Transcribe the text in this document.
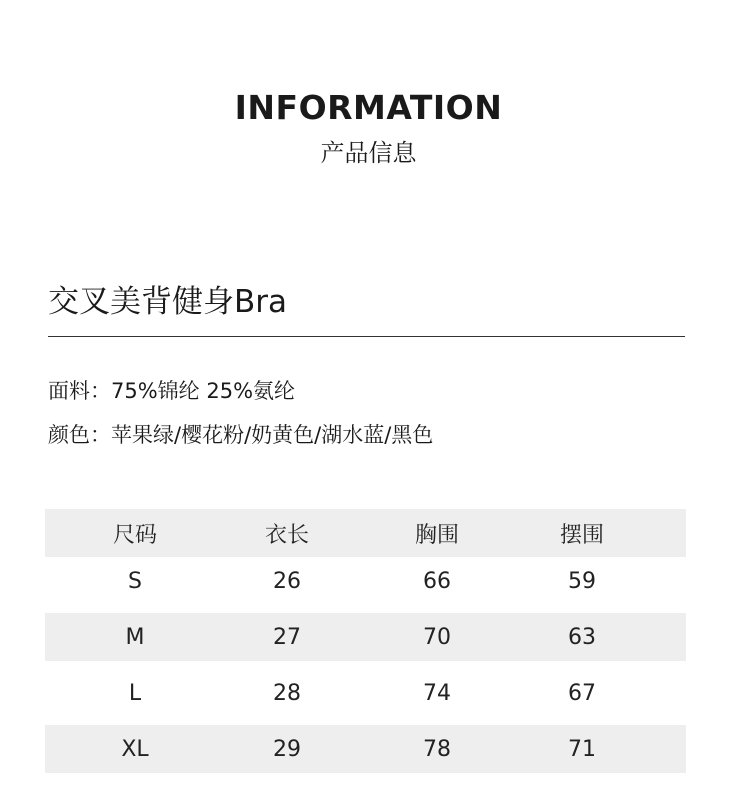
INFORMATION
产品信息
交叉美背健身Bra
面料：75%锦纶 25%氨纶
颜色：苹果绿/樱花粉/奶黄色/湖水蓝/黑色
尺码	衣长	胸围	摆围
S	26	66	59
M	27	70	63
L	28	74	67
XL	29	78	71
